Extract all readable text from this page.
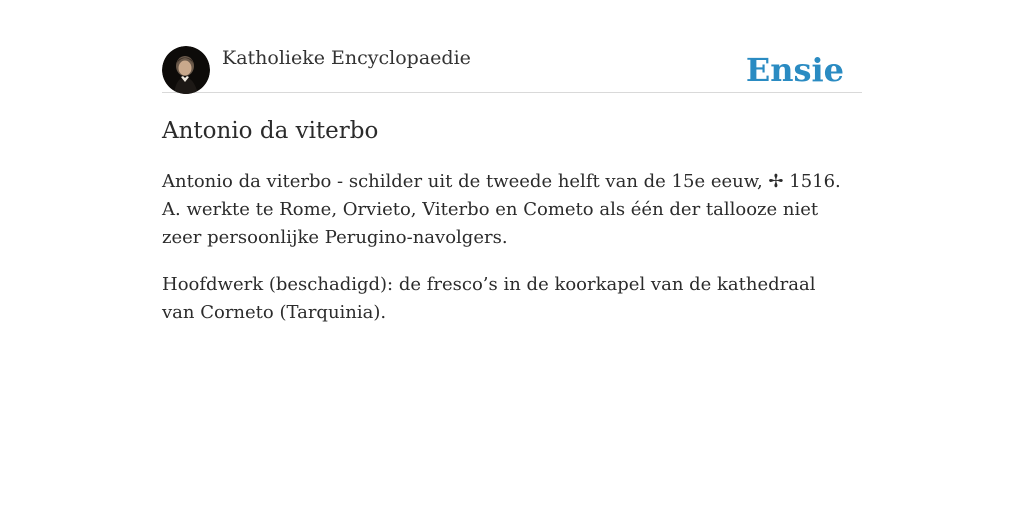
Katholieke Encyclopaedie	Ensie
Antonio da viterbo

Antonio da viterbo - schilder uit de tweede helft van de 15e eeuw, ✢ 1516. A. werkte te Rome, Orvieto, Viterbo en Cometo als één der tallooze niet zeer persoonlijke Perugino-navolgers.

Hoofdwerk (beschadigd): de fresco’s in de koorkapel van de kathedraal van Corneto (Tarquinia).
